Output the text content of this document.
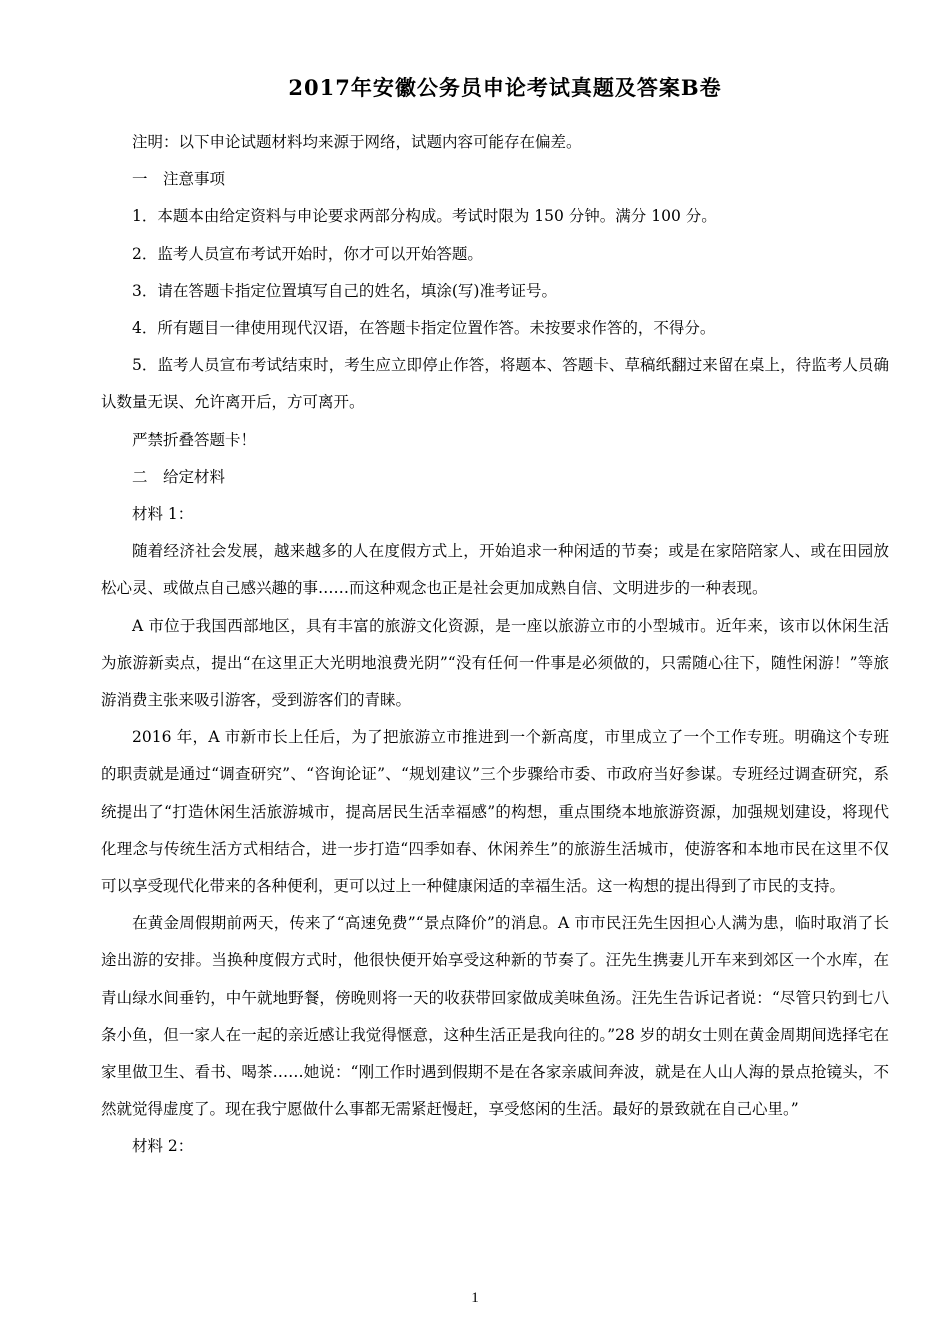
2017年安徽公务员申论考试真题及答案B卷

注明：以下申论试题材料均来源于网络，试题内容可能存在偏差。

一　注意事项

1．本题本由给定资料与申论要求两部分构成。考试时限为 150 分钟。满分 100 分。

2．监考人员宣布考试开始时，你才可以开始答题。

3．请在答题卡指定位置填写自己的姓名，填涂(写)准考证号。

4．所有题目一律使用现代汉语，在答题卡指定位置作答。未按要求作答的，不得分。

5．监考人员宣布考试结束时，考生应立即停止作答，将题本、答题卡、草稿纸翻过来留在桌上，待监考人员确认数量无误、允许离开后，方可离开。

严禁折叠答题卡！

二　给定材料

材料 1：

随着经济社会发展，越来越多的人在度假方式上，开始追求一种闲适的节奏；或是在家陪陪家人、或在田园放松心灵、或做点自己感兴趣的事……而这种观念也正是社会更加成熟自信、文明进步的一种表现。

A 市位于我国西部地区，具有丰富的旅游文化资源，是一座以旅游立市的小型城市。近年来，该市以休闲生活为旅游新卖点，提出“在这里正大光明地浪费光阴”“没有任何一件事是必须做的，只需随心往下，随性闲游！”等旅游消费主张来吸引游客，受到游客们的青睐。

2016 年，A 市新市长上任后，为了把旅游立市推进到一个新高度，市里成立了一个工作专班。明确这个专班的职责就是通过“调查研究”、“咨询论证”、“规划建议”三个步骤给市委、市政府当好参谋。专班经过调查研究，系统提出了“打造休闲生活旅游城市，提高居民生活幸福感”的构想，重点围绕本地旅游资源，加强规划建设，将现代化理念与传统生活方式相结合，进一步打造“四季如春、休闲养生”的旅游生活城市，使游客和本地市民在这里不仅可以享受现代化带来的各种便利，更可以过上一种健康闲适的幸福生活。这一构想的提出得到了市民的支持。

在黄金周假期前两天，传来了“高速免费”“景点降价”的消息。A 市市民汪先生因担心人满为患，临时取消了长途出游的安排。当换种度假方式时，他很快便开始享受这种新的节奏了。汪先生携妻儿开车来到郊区一个水库，在青山绿水间垂钓，中午就地野餐，傍晚则将一天的收获带回家做成美味鱼汤。汪先生告诉记者说：“尽管只钓到七八条小鱼，但一家人在一起的亲近感让我觉得惬意，这种生活正是我向往的。”28 岁的胡女士则在黄金周期间选择宅在家里做卫生、看书、喝茶……她说：“刚工作时遇到假期不是在各家亲戚间奔波，就是在人山人海的景点抢镜头，不然就觉得虚度了。现在我宁愿做什么事都无需紧赶慢赶，享受悠闲的生活。最好的景致就在自己心里。”

材料 2：

1
